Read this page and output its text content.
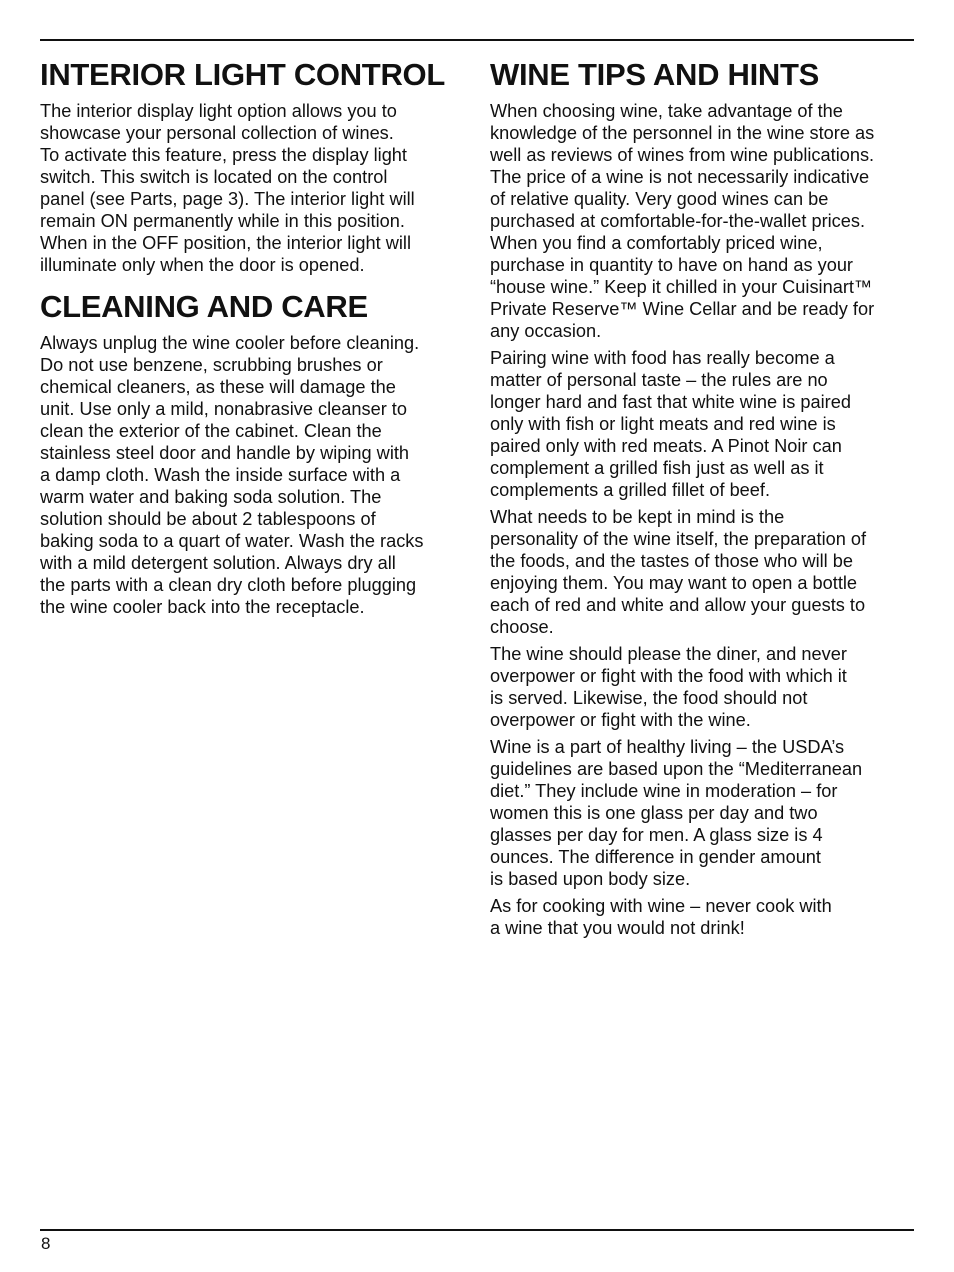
INTERIOR LIGHT CONTROL

The interior display light option allows you to
showcase your personal collection of wines.
To activate this feature, press the display light
switch. This switch is located on the control
panel (see Parts, page 3). The interior light will
remain ON permanently while in this position.
When in the OFF position, the interior light will
illuminate only when the door is opened.

CLEANING AND CARE

Always unplug the wine cooler before cleaning.
Do not use benzene, scrubbing brushes or
chemical cleaners, as these will damage the
unit. Use only a mild, nonabrasive cleanser to
clean the exterior of the cabinet. Clean the
stainless steel door and handle by wiping with
a damp cloth. Wash the inside surface with a
warm water and baking soda solution. The
solution should be about 2 tablespoons of
baking soda to a quart of water. Wash the racks
with a mild detergent solution. Always dry all
the parts with a clean dry cloth before plugging
the wine cooler back into the receptacle.

WINE TIPS AND HINTS

When choosing wine, take advantage of the
knowledge of the personnel in the wine store as
well as reviews of wines from wine publications.
The price of a wine is not necessarily indicative
of relative quality. Very good wines can be
purchased at comfortable-for-the-wallet prices.
When you find a comfortably priced wine,
purchase in quantity to have on hand as your
“house wine.” Keep it chilled in your Cuisinart™
Private Reserve™ Wine Cellar and be ready for
any occasion.

Pairing wine with food has really become a
matter of personal taste – the rules are no
longer hard and fast that white wine is paired
only with fish or light meats and red wine is
paired only with red meats. A Pinot Noir can
complement a grilled fish just as well as it
complements a grilled fillet of beef.

What needs to be kept in mind is the
personality of the wine itself, the preparation of
the foods, and the tastes of those who will be
enjoying them. You may want to open a bottle
each of red and white and allow your guests to
choose.

The wine should please the diner, and never
overpower or fight with the food with which it
is served. Likewise, the food should not
overpower or fight with the wine.

Wine is a part of healthy living – the USDA’s
guidelines are based upon the “Mediterranean
diet.” They include wine in moderation – for
women this is one glass per day and two
glasses per day for men. A glass size is 4
ounces. The difference in gender amount
is based upon body size.

As for cooking with wine – never cook with
a wine that you would not drink!

8
